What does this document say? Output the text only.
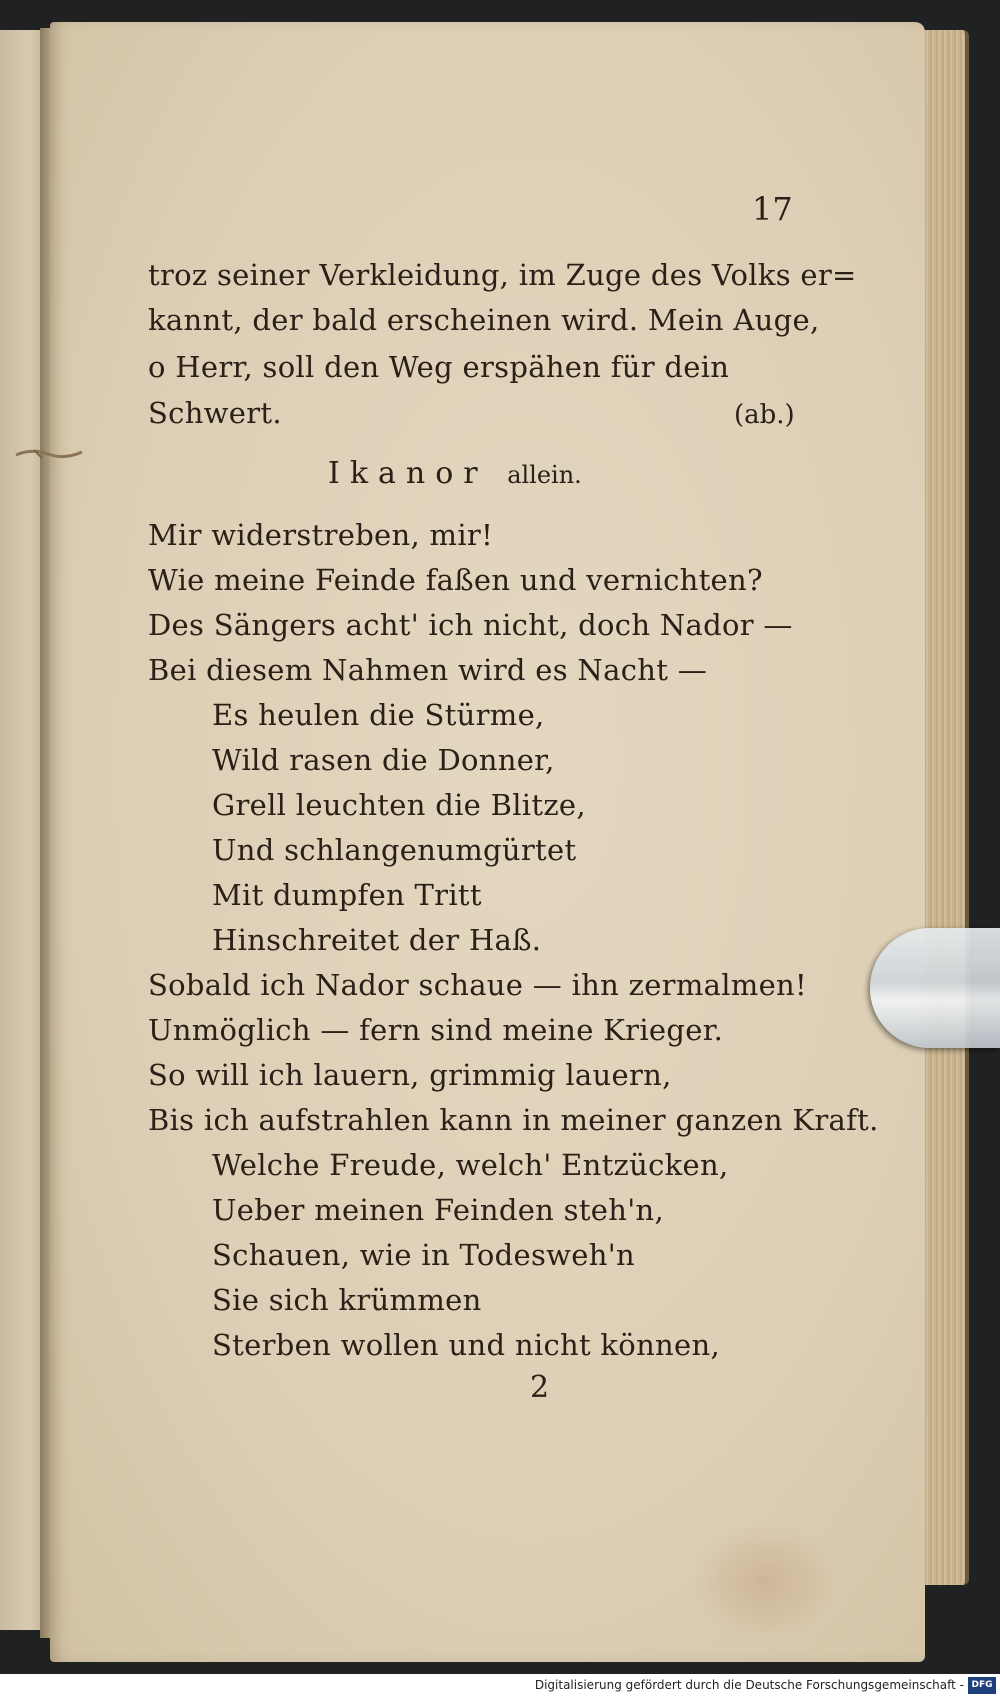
17
troz seiner Verkleidung, im Zuge des Volks er=
kannt, der bald erscheinen wird. Mein Auge,
o Herr, soll den Weg erspähen für dein
Schwert.	(ab.)
Ikanor allein.
Mir widerstreben, mir!
Wie meine Feinde faßen und vernichten?
Des Sängers acht' ich nicht, doch Nador —
Bei diesem Nahmen wird es Nacht —
Es heulen die Stürme,
Wild rasen die Donner,
Grell leuchten die Blitze,
Und schlangenumgürtet
Mit dumpfen Tritt
Hinschreitet der Haß.
Sobald ich Nador schaue — ihn zermalmen!
Unmöglich — fern sind meine Krieger.
So will ich lauern, grimmig lauern,
Bis ich aufstrahlen kann in meiner ganzen Kraft.
Welche Freude, welch' Entzücken,
Ueber meinen Feinden steh'n,
Schauen, wie in Todesweh'n
Sie sich krümmen
Sterben wollen und nicht können,
2
Digitalisierung gefördert durch die Deutsche Forschungsgemeinschaft - DFG
